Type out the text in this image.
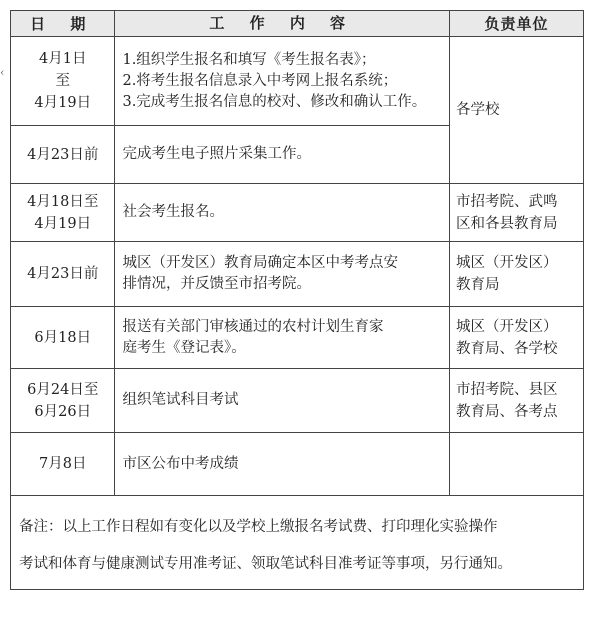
‹
日 期	工 作 内 容	负责单位

4月1日
至
4月19日	1.组织学生报名和填写《考生报名表》；
2.将考生报名信息录入中考网上报名系统；
3.完成考生报名信息的校对、修改和确认工作。	各学校

4月23日前	完成考生电子照片采集工作。	

4月18日至
4月19日	社会考生报名。	市招考院、武鸣
区和各县教育局

4月23日前	城区（开发区）教育局确定本区中考考点安
排情况，并反馈至市招考院。	城区（开发区）
教育局

6月18日	报送有关部门审核通过的农村计划生育家
庭考生《登记表》。	城区（开发区）
教育局、各学校

6月24日至
6月26日	组织笔试科目考试	市招考院、县区
教育局、各考点

7月8日	市区公布中考成绩	

备注：以上工作日程如有变化以及学校上缴报名考试费、打印理化实验操作
考试和体育与健康测试专用准考证、领取笔试科目准考证等事项，另行通知。		
